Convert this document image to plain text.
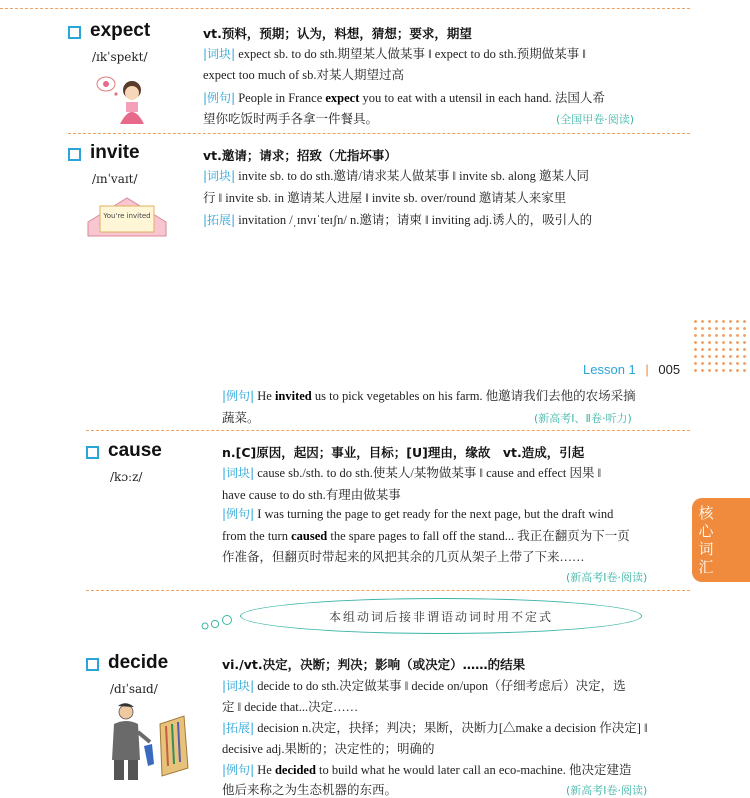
expect
/ɪkˈspekt/
vt.预料，预期；认为，料想，猜想；要求，期望
|词块| expect sb. to do sth.期望某人做某事 ‖ expect to do sth.预期做某事 ‖
expect too much of sb.对某人期望过高
|例句| People in France expect you to eat with a utensil in each hand. 法国人希
望你吃饭时两手各拿一件餐具。	(全国甲卷·阅读)
invite
/ɪnˈvaɪt/
You're invited
vt.邀请；请求；招致（尤指坏事）
|词块| invite sb. to do sth.邀请/请求某人做某事 ‖ invite sb. along 邀某人同
行 ‖ invite sb. in 邀请某人进屋 ‖ invite sb. over/round 邀请某人来家里
|拓展| invitation /ˌɪnvɪˈteɪʃn/ n.邀请；请柬 ‖ inviting adj.诱人的，吸引人的
Lesson 1 | 005
核
心
词
汇
|例句| He invited us to pick vegetables on his farm. 他邀请我们去他的农场采摘
蔬菜。	(新高考Ⅰ、Ⅱ卷·听力)
cause
/kɔːz/
n.[C]原因，起因；事业，目标；[U]理由，缘故　vt.造成，引起
|词块| cause sb./sth. to do sth.使某人/某物做某事 ‖ cause and effect 因果 ‖
have cause to do sth.有理由做某事
|例句| I was turning the page to get ready for the next page, but the draft wind
from the turn caused the spare pages to fall off the stand... 我正在翻页为下一页
作准备，但翻页时带起来的风把其余的几页从架子上带了下来……
(新高考Ⅰ卷·阅读)
本组动词后接非谓语动词时用不定式
decide
/dɪˈsaɪd/
vi./vt.决定，决断；判决；影响（或决定）……的结果
|词块| decide to do sth.决定做某事 ‖ decide on/upon（仔细考虑后）决定，选
定 ‖ decide that...决定……
|拓展| decision n.决定，抉择；判决；果断，决断力[△make a decision 作决定] ‖
decisive adj.果断的；决定性的；明确的
|例句| He decided to build what he would later call an eco-machine. 他决定建造
他后来称之为生态机器的东西。	(新高考Ⅰ卷·阅读)
